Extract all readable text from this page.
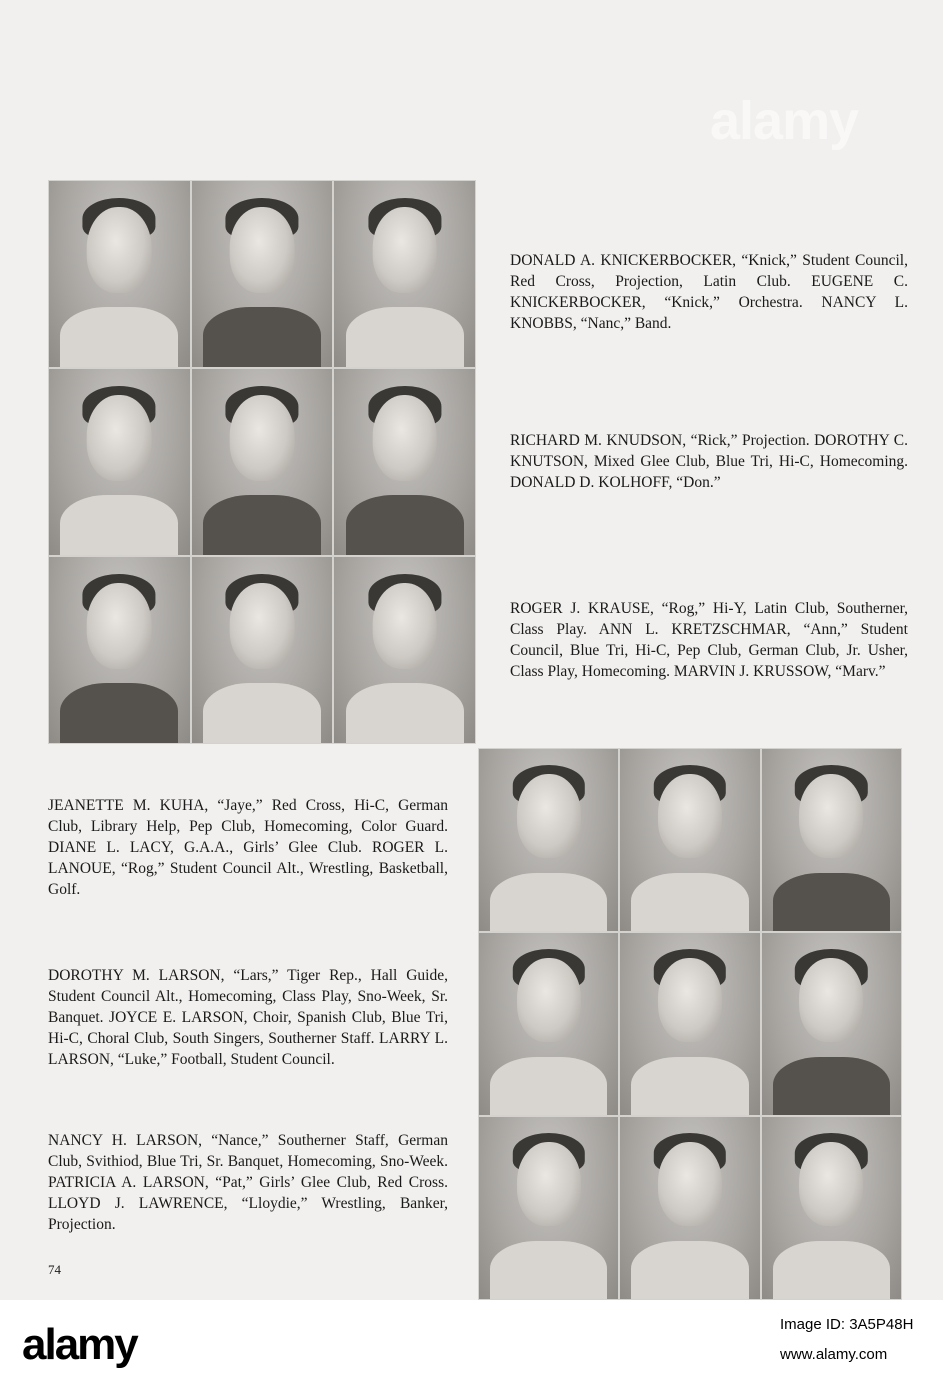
alamy

DONALD A. KNICKERBOCKER, “Knick,” Student Council, Red Cross, Projection, Latin Club. EUGENE C. KNICKERBOCKER, “Knick,” Orchestra. NANCY L. KNOBBS, “Nanc,” Band.

RICHARD M. KNUDSON, “Rick,” Projection. DOROTHY C. KNUTSON, Mixed Glee Club, Blue Tri, Hi-C, Homecoming. DONALD D. KOLHOFF, “Don.”

ROGER J. KRAUSE, “Rog,” Hi-Y, Latin Club, Southerner, Class Play. ANN L. KRETZSCHMAR, “Ann,” Student Council, Blue Tri, Hi-C, Pep Club, German Club, Jr. Usher, Class Play, Homecoming. MARVIN J. KRUSSOW, “Marv.”

JEANETTE M. KUHA, “Jaye,” Red Cross, Hi-C, German Club, Library Help, Pep Club, Homecoming, Color Guard. DIANE L. LACY, G.A.A., Girls’ Glee Club. ROGER L. LANOUE, “Rog,” Student Council Alt., Wrestling, Basketball, Golf.

DOROTHY M. LARSON, “Lars,” Tiger Rep., Hall Guide, Student Council Alt., Homecoming, Class Play, Sno-Week, Sr. Banquet. JOYCE E. LARSON, Choir, Spanish Club, Blue Tri, Hi-C, Choral Club, South Singers, Southerner Staff. LARRY L. LARSON, “Luke,” Football, Student Council.

NANCY H. LARSON, “Nance,” Southerner Staff, German Club, Svithiod, Blue Tri, Sr. Banquet, Homecoming, Sno-Week. PATRICIA A. LARSON, “Pat,” Girls’ Glee Club, Red Cross. LLOYD J. LAWRENCE, “Lloydie,” Wrestling, Banker, Projection.

74

alamy	Image ID: 3A5P48H

www.alamy.com
